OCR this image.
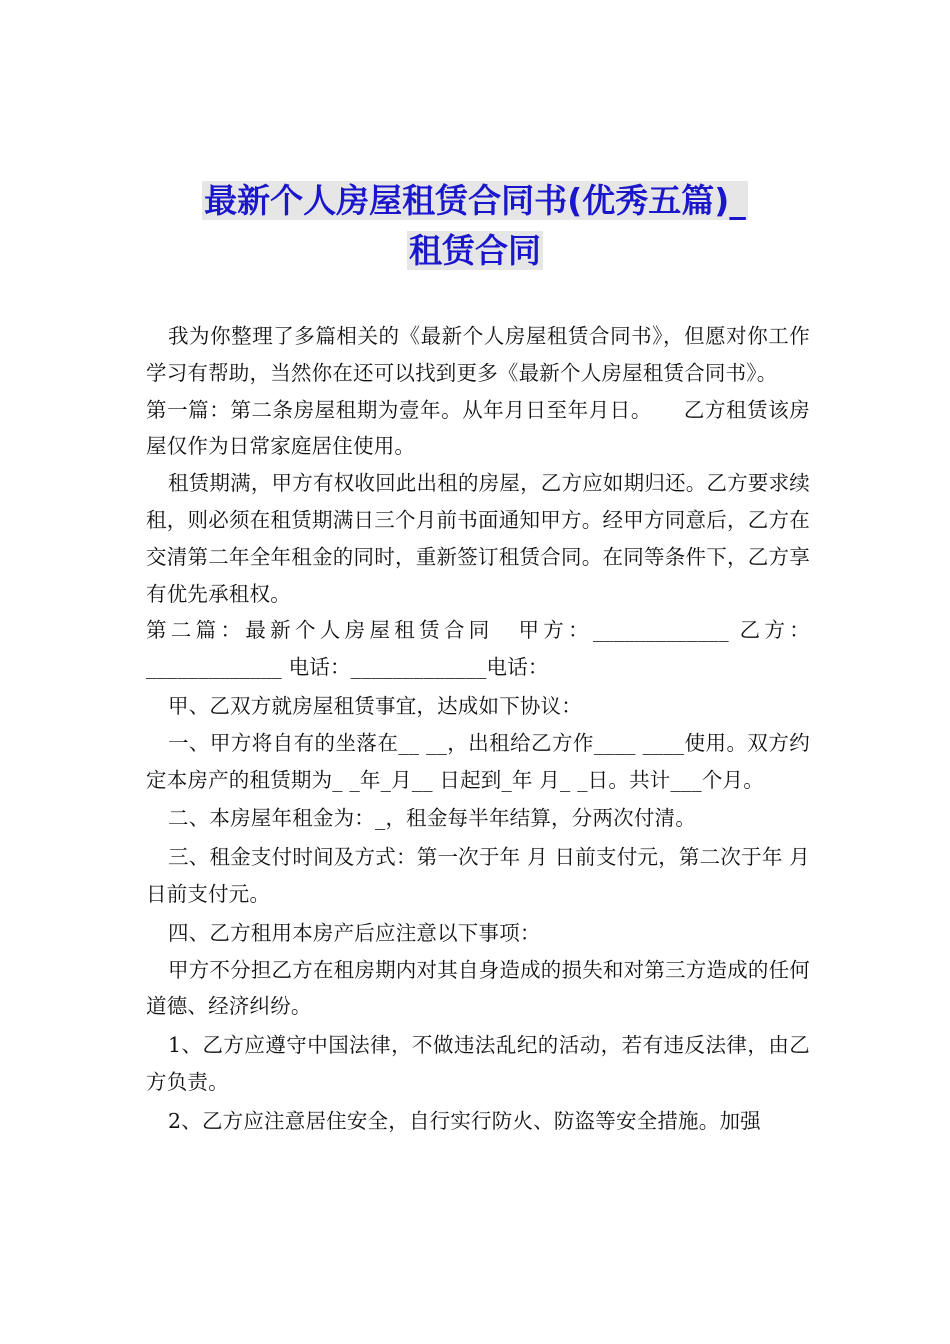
最新个人房屋租赁合同书(优秀五篇)_
租赁合同

我为你整理了多篇相关的《最新个人房屋租赁合同书》，但愿对你工作学习有帮助，当然你在还可以找到更多《最新个人房屋租赁合同书》。

第一篇：第二条房屋租期为壹年。从年月日至年月日。　　乙方租赁该房屋仅作为日常家庭居住使用。

租赁期满，甲方有权收回此出租的房屋，乙方应如期归还。乙方要求续租，则必须在租赁期满日三个月前书面通知甲方。经甲方同意后，乙方在交清第二年全年租金的同时，重新签订租赁合同。在同等条件下，乙方享有优先承租权。

第二篇：最新个人房屋租赁合同　甲方：_____________ 乙方：_____________ 电话：_____________电话：

甲、乙双方就房屋租赁事宜，达成如下协议：

一、甲方将自有的坐落在__ __，出租给乙方作____ ____使用。双方约定本房产的租赁期为_ _年_月__ 日起到_年 月_ _日。共计___个月。

二、本房屋年租金为：_，租金每半年结算，分两次付清。

三、租金支付时间及方式：第一次于年 月 日前支付元，第二次于年 月 日前支付元。

四、乙方租用本房产后应注意以下事项：

甲方不分担乙方在租房期内对其自身造成的损失和对第三方造成的任何道德、经济纠纷。

1、乙方应遵守中国法律，不做违法乱纪的活动，若有违反法律，由乙方负责。

2、乙方应注意居住安全，自行实行防火、防盗等安全措施。加强
